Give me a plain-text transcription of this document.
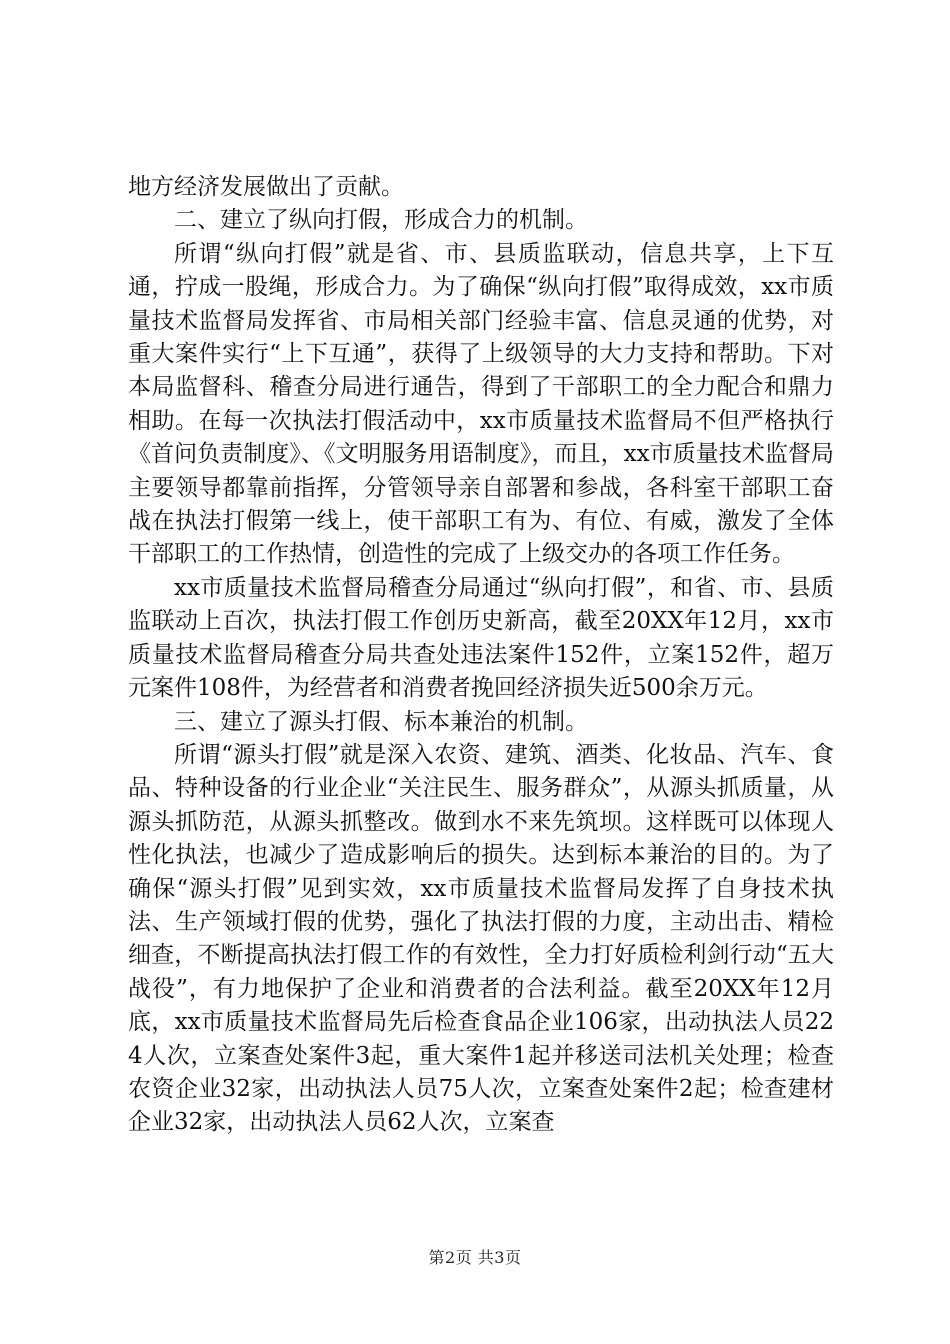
地方经济发展做出了贡献。

二、建立了纵向打假，形成合力的机制。

所谓“纵向打假”就是省、市、县质监联动，信息共享，上下互通，拧成一股绳，形成合力。为了确保“纵向打假”取得成效，xx市质量技术监督局发挥省、市局相关部门经验丰富、信息灵通的优势，对重大案件实行“上下互通”，获得了上级领导的大力支持和帮助。下对本局监督科、稽查分局进行通告，得到了干部职工的全力配合和鼎力相助。在每一次执法打假活动中，xx市质量技术监督局不但严格执行《首问负责制度》、《文明服务用语制度》，而且，xx市质量技术监督局主要领导都靠前指挥，分管领导亲自部署和参战，各科室干部职工奋战在执法打假第一线上，使干部职工有为、有位、有威，激发了全体干部职工的工作热情，创造性的完成了上级交办的各项工作任务。

xx市质量技术监督局稽查分局通过“纵向打假”，和省、市、县质监联动上百次，执法打假工作创历史新高，截至20XX年12月，xx市质量技术监督局稽查分局共查处违法案件152件，立案152件，超万元案件108件，为经营者和消费者挽回经济损失近500余万元。

三、建立了源头打假、标本兼治的机制。

所谓“源头打假”就是深入农资、建筑、酒类、化妆品、汽车、食品、特种设备的行业企业“关注民生、服务群众”，从源头抓质量，从源头抓防范，从源头抓整改。做到水不来先筑坝。这样既可以体现人性化执法，也减少了造成影响后的损失。达到标本兼治的目的。为了确保“源头打假”见到实效，xx市质量技术监督局发挥了自身技术执法、生产领域打假的优势，强化了执法打假的力度，主动出击、精检细查，不断提高执法打假工作的有效性，全力打好质检利剑行动“五大战役”，有力地保护了企业和消费者的合法利益。截至20XX年12月底，xx市质量技术监督局先后检查食品企业106家，出动执法人员224人次，立案查处案件3起，重大案件1起并移送司法机关处理；检查农资企业32家，出动执法人员75人次，立案查处案件2起；检查建材企业32家，出动执法人员62人次，立案查

第2页 共3页
